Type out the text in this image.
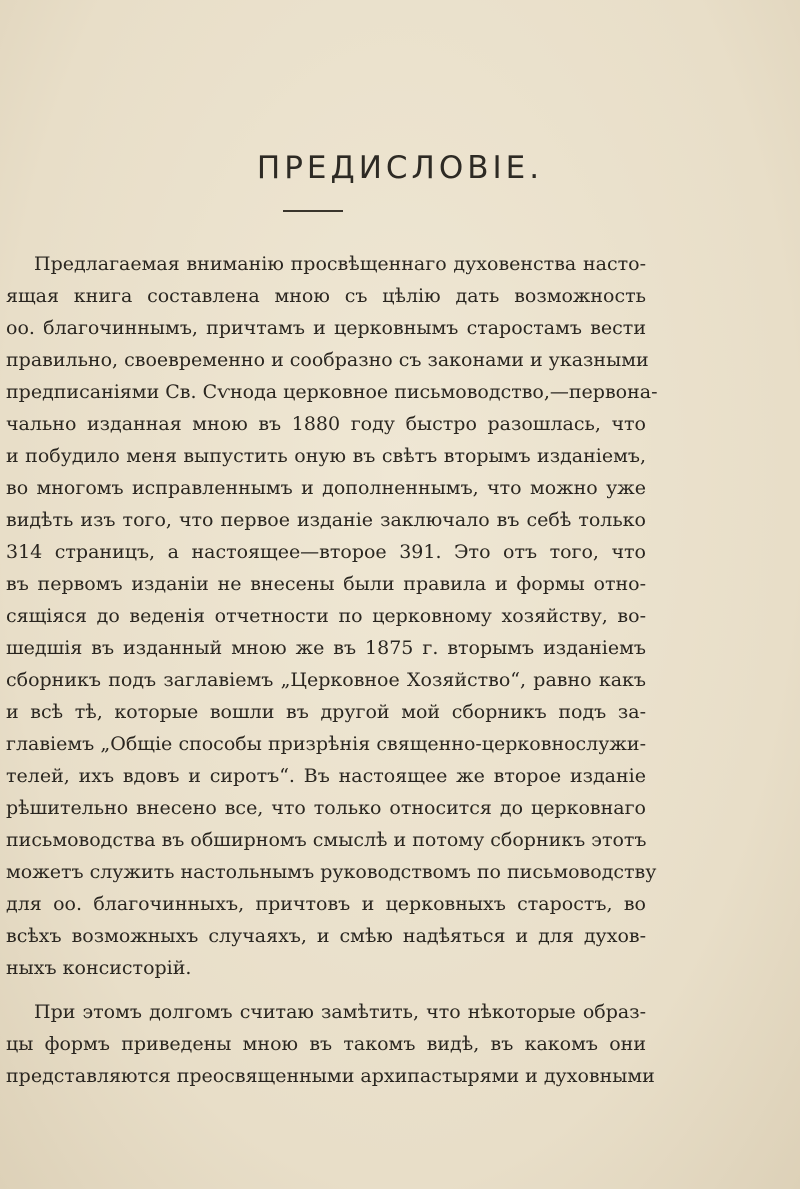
ПРЕДИСЛОВІЕ.
Предлагаемая вниманію просвѣщеннаго духовенства насто-
ящая книга составлена мною съ цѣлію дать возможность
оо. благочиннымъ, причтамъ и церковнымъ старостамъ вести
правильно, своевременно и сообразно съ законами и указными
предписаніями Св. Сѵнода церковное письмоводство,—первона-
чально изданная мною въ 1880 году быстро разошлась, что
и побудило меня выпустить оную въ свѣтъ вторымъ изданіемъ,
во многомъ исправленнымъ и дополненнымъ, что можно уже
видѣть изъ того, что первое изданіе заключало въ себѣ только
314 страницъ, а настоящее—второе 391. Это отъ того, что
въ первомъ изданіи не внесены были правила и формы отно-
сящіяся до веденія отчетности по церковному хозяйству, во-
шедшія въ изданный мною же въ 1875 г. вторымъ изданіемъ
сборникъ подъ заглавіемъ „Церковное Хозяйство“, равно какъ
и всѣ тѣ, которые вошли въ другой мой сборникъ подъ за-
главіемъ „Общіе способы призрѣнія священно-церковнослужи-
телей, ихъ вдовъ и сиротъ“. Въ настоящее же второе изданіе
рѣшительно внесено все, что только относится до церковнаго
письмоводства въ обширномъ смыслѣ и потому сборникъ этотъ
можетъ служить настольнымъ руководствомъ по письмоводству
для оо. благочинныхъ, причтовъ и церковныхъ старостъ, во
всѣхъ возможныхъ случаяхъ, и смѣю надѣяться и для духов-
ныхъ консисторій.
При этомъ долгомъ считаю замѣтить, что нѣкоторые образ-
цы формъ приведены мною въ такомъ видѣ, въ какомъ они
представляются преосвященными архипастырями и духовными
